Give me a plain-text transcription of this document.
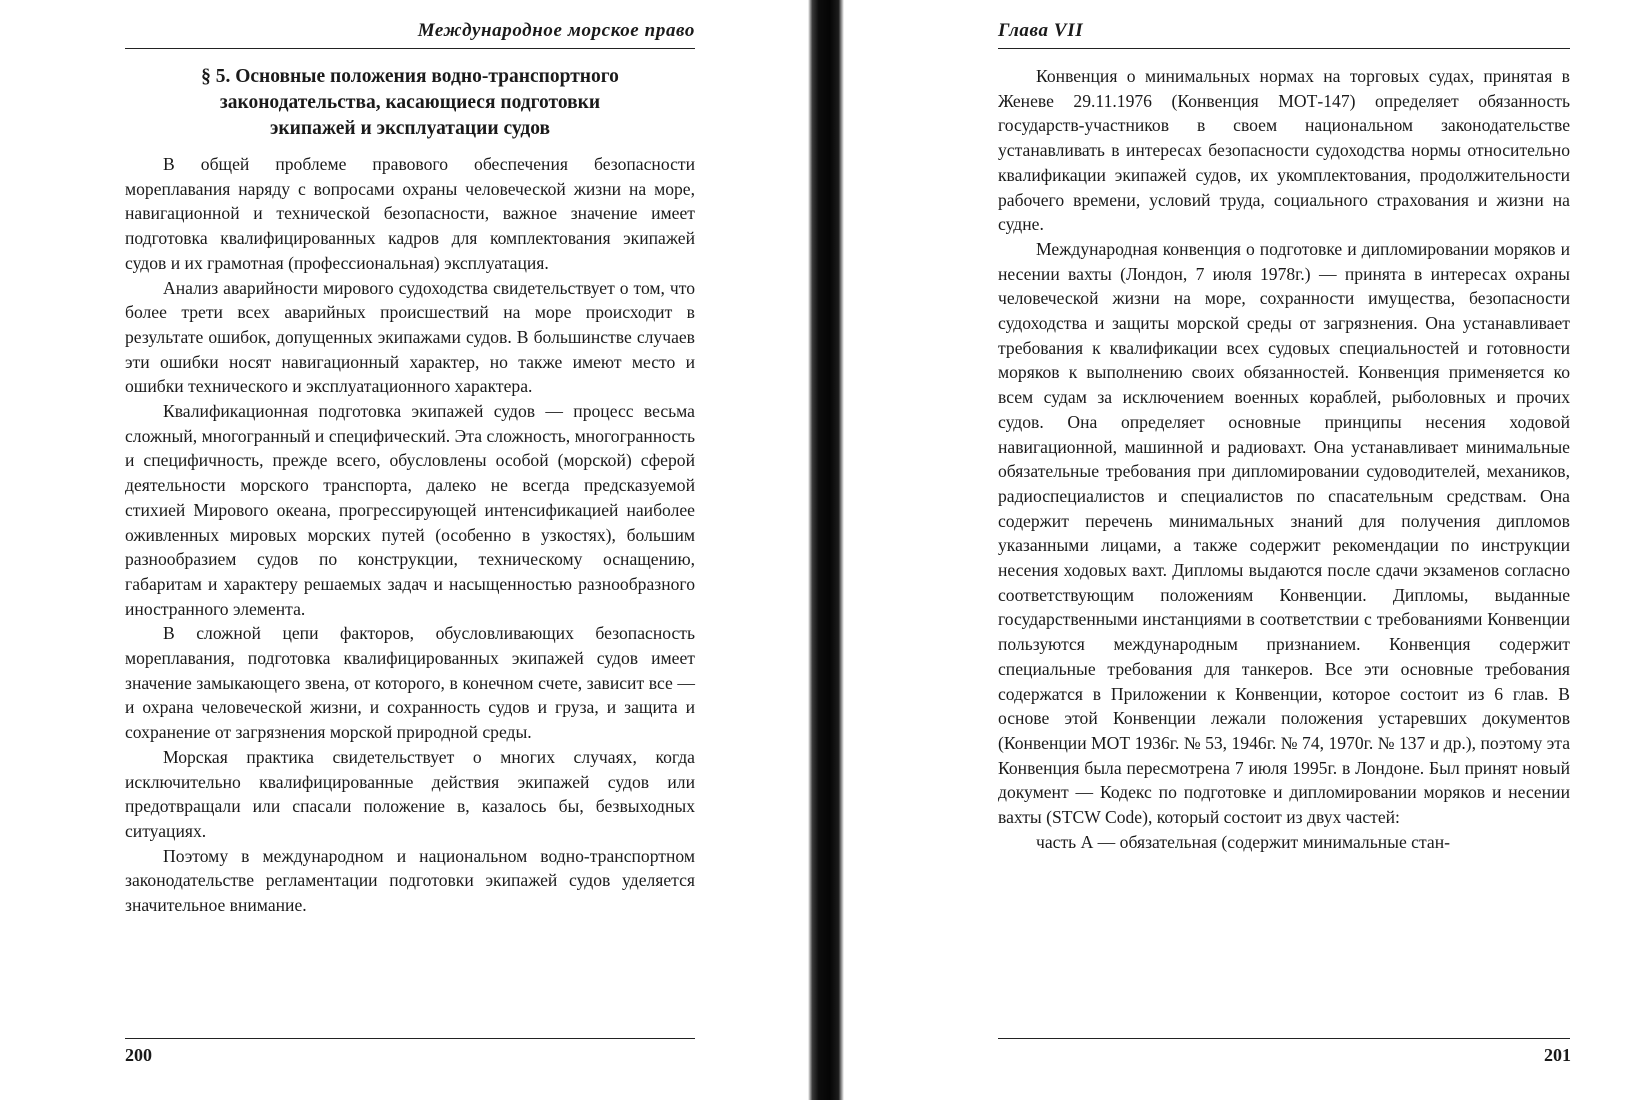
Международное морское право
§ 5. Основные положения водно-транспортного
законодательства, касающиеся подготовки
экипажей и эксплуатации судов

В общей проблеме правового обеспечения безопасности мореплавания наряду с вопросами охраны человеческой жизни на море, навигационной и технической безопасности, важное значение имеет подготовка квалифицированных кадров для комплектования экипажей судов и их грамотная (профессиональная) эксплуатация.

Анализ аварийности мирового судоходства свидетельствует о том, что более трети всех аварийных происшествий на море происходит в результате ошибок, допущенных экипажами судов. В большинстве случаев эти ошибки носят навигационный характер, но также имеют место и ошибки технического и эксплуатационного характера.

Квалификационная подготовка экипажей судов — процесс весьма сложный, многогранный и специфический. Эта сложность, многогранность и специфичность, прежде всего, обусловлены особой (морской) сферой деятельности морского транспорта, далеко не всегда предсказуемой стихией Мирового океана, прогрессирующей интенсификацией наиболее оживленных мировых морских путей (особенно в узкостях), большим разнообразием судов по конструкции, техническому оснащению, габаритам и характеру решаемых задач и насыщенностью разнообразного иностранного элемента.

В сложной цепи факторов, обусловливающих безопасность мореплавания, подготовка квалифицированных экипажей судов имеет значение замыкающего звена, от которого, в конечном счете, зависит все — и охрана человеческой жизни, и сохранность судов и груза, и защита и сохранение от загрязнения морской природной среды.

Морская практика свидетельствует о многих случаях, когда исключительно квалифицированные действия экипажей судов или предотвращали или спасали положение в, казалось бы, безвыходных ситуациях.

Поэтому в международном и национальном водно-транспортном законодательстве регламентации подготовки экипажей судов уделяется значительное внимание.

200
Глава VII

Конвенция о минимальных нормах на торговых судах, принятая в Женеве 29.11.1976 (Конвенция МОТ-147) определяет обязанность государств-участников в своем национальном законодательстве устанавливать в интересах безопасности судоходства нормы относительно квалификации экипажей судов, их укомплектования, продолжительности рабочего времени, условий труда, социального страхования и жизни на судне.

Международная конвенция о подготовке и дипломировании моряков и несении вахты (Лондон, 7 июля 1978г.) — принята в интересах охраны человеческой жизни на море, сохранности имущества, безопасности судоходства и защиты морской среды от загрязнения. Она устанавливает требования к квалификации всех судовых специальностей и готовности моряков к выполнению своих обязанностей. Конвенция применяется ко всем судам за исключением военных кораблей, рыболовных и прочих судов. Она определяет основные принципы несения ходовой навигационной, машинной и радиовахт. Она устанавливает минимальные обязательные требования при дипломировании судоводителей, механиков, радиоспециалистов и специалистов по спасательным средствам. Она содержит перечень минимальных знаний для получения дипломов указанными лицами, а также содержит рекомендации по инструкции несения ходовых вахт. Дипломы выдаются после сдачи экзаменов согласно соответствующим положениям Конвенции. Дипломы, выданные государственными инстанциями в соответствии с требованиями Конвенции пользуются международным признанием. Конвенция содержит специальные требования для танкеров. Все эти основные требования содержатся в Приложении к Конвенции, которое состоит из 6 глав. В основе этой Конвенции лежали положения устаревших документов (Конвенции МОТ 1936г. № 53, 1946г. № 74, 1970г. № 137 и др.), поэтому эта Конвенция была пересмотрена 7 июля 1995г. в Лондоне. Был принят новый документ — Кодекс по подготовке и дипломировании моряков и несении вахты (STCW Code), который состоит из двух частей:

часть А — обязательная (содержит минимальные стан-

201
